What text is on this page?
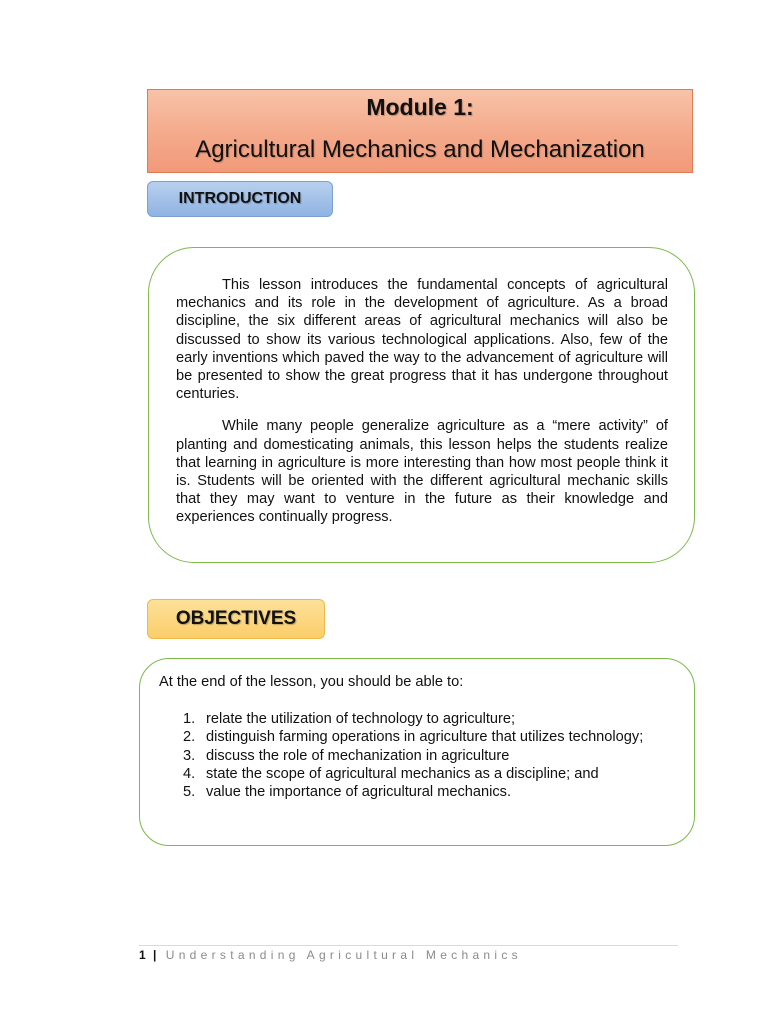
Module 1:
Agricultural Mechanics and Mechanization
INTRODUCTION

This lesson introduces the fundamental concepts of agricultural mechanics and its role in the development of agriculture. As a broad discipline, the six different areas of agricultural mechanics will also be discussed to show its various technological applications. Also, few of the early inventions which paved the way to the advancement of agriculture will be presented to show the great progress that it has undergone throughout centuries.

While many people generalize agriculture as a “mere activity” of planting and domesticating animals, this lesson helps the students realize that learning in agriculture is more interesting than how most people think it is. Students will be oriented with the different agricultural mechanic skills that they may want to venture in the future as their knowledge and experiences continually progress.

OBJECTIVES
At the end of the lesson, you should be able to:
1. relate the utilization of technology to agriculture;
2. distinguish farming operations in agriculture that utilizes technology;
3. discuss the role of mechanization in agriculture
4. state the scope of agricultural mechanics as a discipline; and
5. value the importance of agricultural mechanics.
1 | Understanding Agricultural Mechanics
